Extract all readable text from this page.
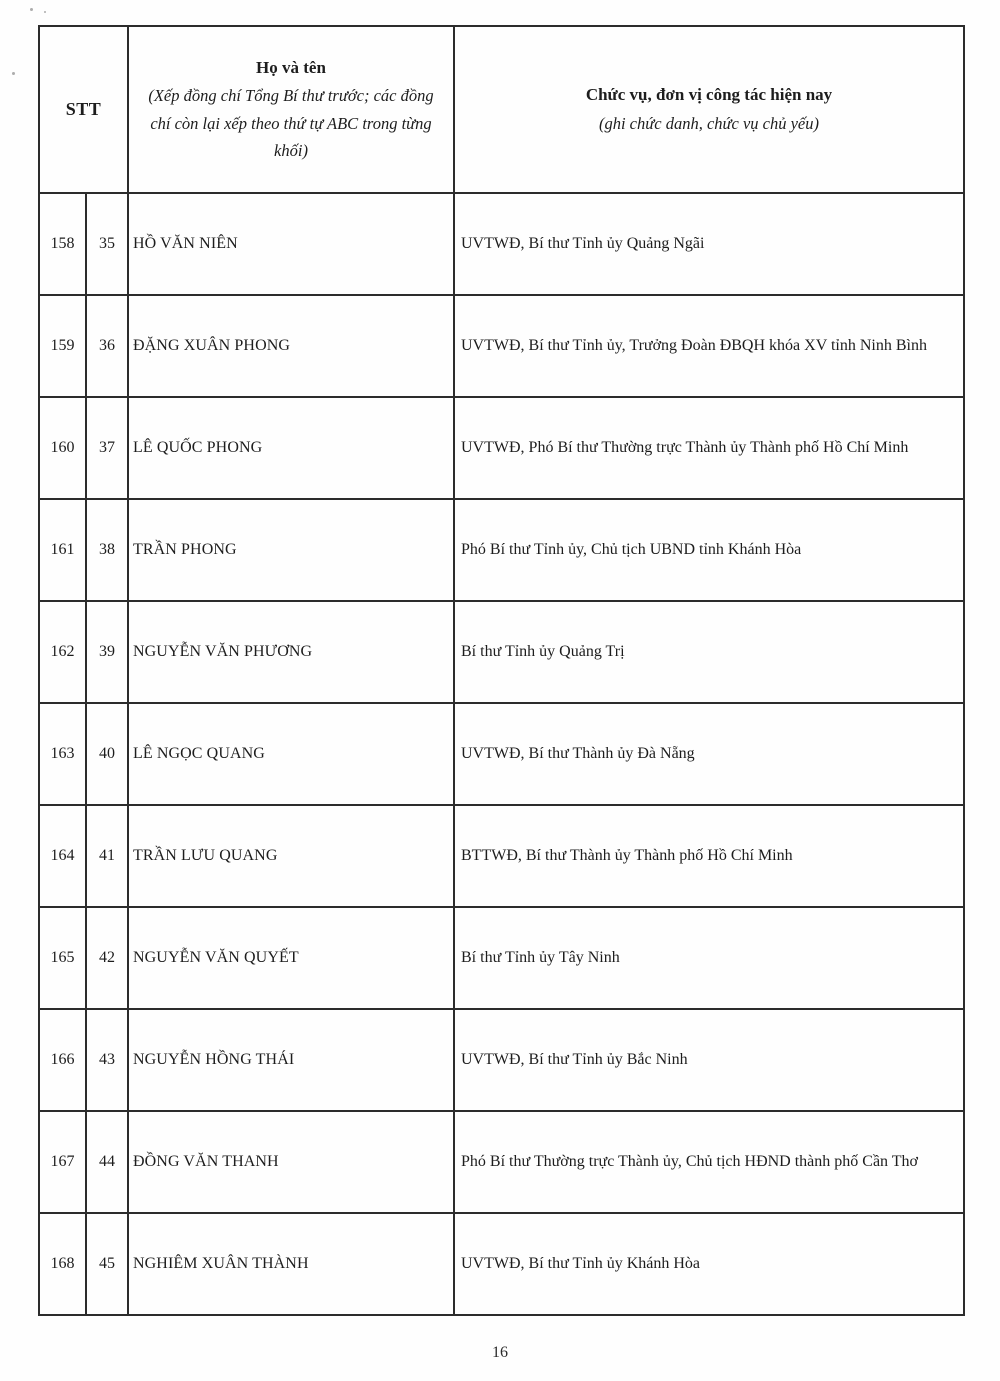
STT	
Họ và tên
(Xếp đồng chí Tổng Bí thư trước; các đồng chí còn lại xếp theo thứ tự ABC trong từng khối)

Chức vụ, đơn vị công tác hiện nay
(ghi chức danh, chức vụ chủ yếu)

158	35	HỒ VĂN NIÊN	UVTWĐ, Bí thư Tỉnh ủy Quảng Ngãi
159	36	ĐẶNG XUÂN PHONG	UVTWĐ, Bí thư Tỉnh ủy, Trưởng Đoàn ĐBQH khóa XV tỉnh Ninh Bình
160	37	LÊ QUỐC PHONG	UVTWĐ, Phó Bí thư Thường trực Thành ủy Thành phố Hồ Chí Minh
161	38	TRẦN PHONG	Phó Bí thư Tỉnh ủy, Chủ tịch UBND tỉnh Khánh Hòa
162	39	NGUYỄN VĂN PHƯƠNG	Bí thư Tỉnh ủy Quảng Trị
163	40	LÊ NGỌC QUANG	UVTWĐ, Bí thư Thành ủy Đà Nẵng
164	41	TRẦN LƯU QUANG	BTTWĐ, Bí thư Thành ủy Thành phố Hồ Chí Minh
165	42	NGUYỄN VĂN QUYẾT	Bí thư Tỉnh ủy Tây Ninh
166	43	NGUYỄN HỒNG THÁI	UVTWĐ, Bí thư Tỉnh ủy Bắc Ninh
167	44	ĐỒNG VĂN THANH	Phó Bí thư Thường trực Thành ủy, Chủ tịch HĐND thành phố Cần Thơ
168	45	NGHIÊM XUÂN THÀNH	UVTWĐ, Bí thư Tỉnh ủy Khánh Hòa
16
